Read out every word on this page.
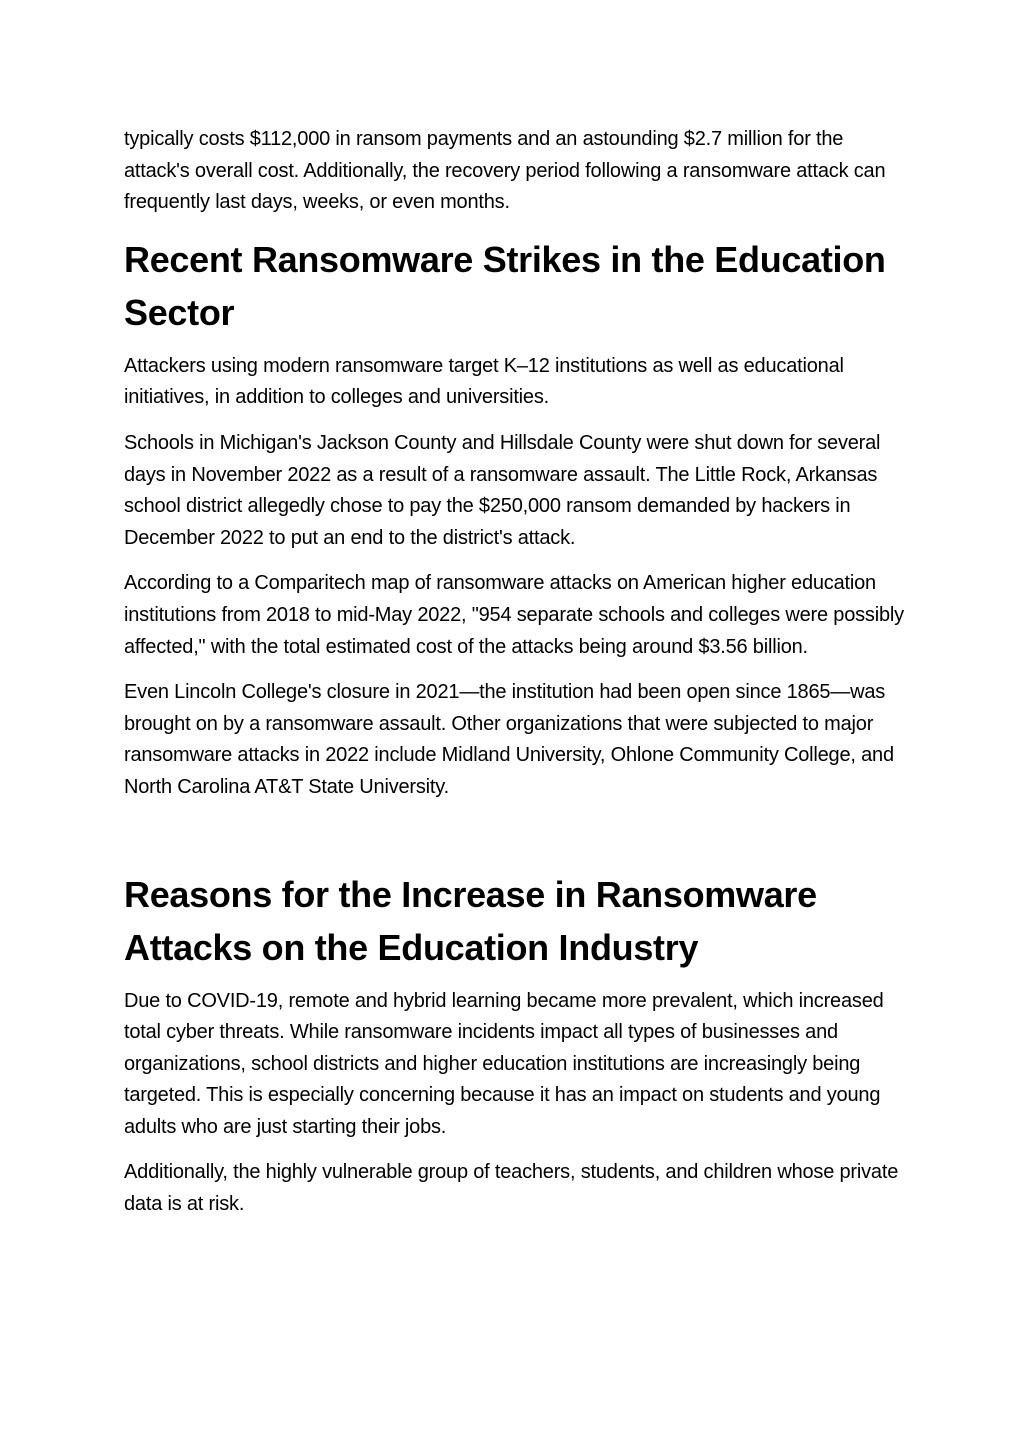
typically costs $112,000 in ransom payments and an astounding $2.7 million for the attack's overall cost. Additionally, the recovery period following a ransomware attack can frequently last days, weeks, or even months.

Recent Ransomware Strikes in the Education Sector

Attackers using modern ransomware target K–12 institutions as well as educational initiatives, in addition to colleges and universities.

Schools in Michigan's Jackson County and Hillsdale County were shut down for several days in November 2022 as a result of a ransomware assault. The Little Rock, Arkansas school district allegedly chose to pay the $250,000 ransom demanded by hackers in December 2022 to put an end to the district's attack.

According to a Comparitech map of ransomware attacks on American higher education institutions from 2018 to mid-May 2022, "954 separate schools and colleges were possibly affected," with the total estimated cost of the attacks being around $3.56 billion.

Even Lincoln College's closure in 2021—the institution had been open since 1865—was brought on by a ransomware assault. Other organizations that were subjected to major ransomware attacks in 2022 include Midland University, Ohlone Community College, and North Carolina AT&T State University.

Reasons for the Increase in Ransomware Attacks on the Education Industry

Due to COVID-19, remote and hybrid learning became more prevalent, which increased total cyber threats. While ransomware incidents impact all types of businesses and organizations, school districts and higher education institutions are increasingly being targeted. This is especially concerning because it has an impact on students and young adults who are just starting their jobs.

Additionally, the highly vulnerable group of teachers, students, and children whose private data is at risk.
